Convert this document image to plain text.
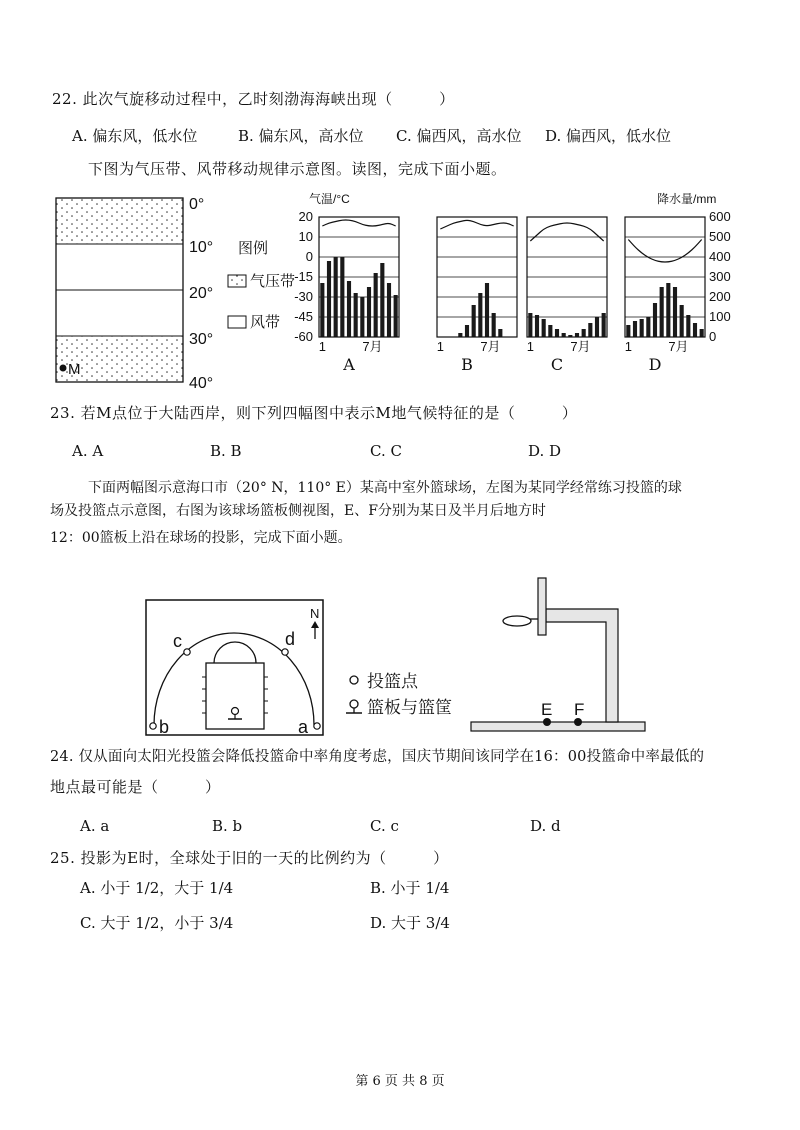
22. 此次气旋移动过程中，乙时刻渤海海峡出现（　　　）
A. 偏东风，低水位	B. 偏东风，高水位 C. 偏西风，高水位 D. 偏西风，低水位
下图为气压带、风带移动规律示意图。读图，完成下面小题。
0°
10°
20°
30°
40°
图例
气压带
风带
M
气温/°C	降水量/mm
20
10
0
-15
-30
-45
-60
600
500
400
300
200
100
0
1	7月
A
1	7月
B
1	7月
C
1	7月
D
23. 若M点位于大陆西岸，则下列四幅图中表示M地气候特征的是（　　　）
A. A	B. B	C. C	D. D
下面两幅图示意海口市（20° N，110° E）某高中室外篮球场，左图为某同学经常练习投篮的球
场及投篮点示意图，右图为该球场篮板侧视图，E、F分别为某日及半月后地方时
12：00篮板上沿在球场的投影，完成下面小题。
c	d
b	a
N
投篮点
篮板与篮筐	E F
24. 仅从面向太阳光投篮会降低投篮命中率角度考虑，国庆节期间该同学在16：00投篮命中率最低的
地点最可能是（　　　）
A. a	B. b	C. c	D. d
25. 投影为E时，全球处于旧的一天的比例约为（　　　）
A. 小于 1/2，大于 1/4	B. 小于 1/4
C. 大于 1/2，小于 3/4	D. 大于 3/4
第 6 页 共 8 页
